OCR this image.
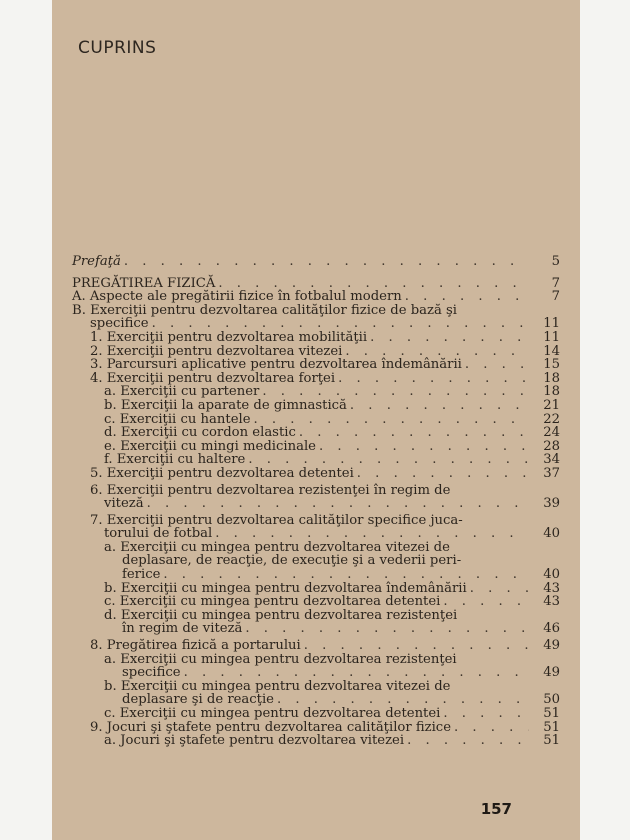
CUPRINS
Prefaţă . . .	5
PREGĂTIREA FIZICĂ . . .	7
A. Aspecte ale pregătirii fizice în fotbalul modern . . .	7
B. Exerciţii pentru dezvoltarea calităţilor fizice de bază şi
specifice . . .	11
1. Exerciţii pentru dezvoltarea mobilităţii . . .	11
2. Exerciţii pentru dezvoltarea vitezei . . .	14
3. Parcursuri aplicative pentru dezvoltarea îndemânării . . .	15
4. Exerciţii pentru dezvoltarea forţei . . .	18
a. Exerciţii cu partener . . .	18
b. Exerciţii la aparate de gimnastică . . .	21
c. Exerciţii cu hantele . . .	22
d. Exerciţii cu cordon elastic . . .	24
e. Exerciţii cu mingi medicinale . . .	28
f. Exerciţii cu haltere . . .	34
5. Exerciţii pentru dezvoltarea detentei . . .	37
6. Exerciţii pentru dezvoltarea rezistenţei în regim de
viteză . . .	39
7. Exerciţii pentru dezvoltarea calităţilor specifice juca-
torului de fotbal . . .	40
a. Exerciţii cu mingea pentru dezvoltarea vitezei de
deplasare, de reacţie, de execuţie şi a vederii peri-
ferice . . .	40
b. Exerciţii cu mingea pentru dezvoltarea îndemânării . . .	43
c. Exerciţii cu mingea pentru dezvoltarea detentei . . .	43
d. Exerciţii cu mingea pentru dezvoltarea rezistenţei
în regim de viteză . . .	46
8. Pregătirea fizică a portarului . . .	49
a. Exerciţii cu mingea pentru dezvoltarea rezistenţei
specifice . . .	49
b. Exerciţii cu mingea pentru dezvoltarea vitezei de
deplasare şi de reacţie . . .	50
c. Exerciţii cu mingea pentru dezvoltarea detentei . . .	51
9. Jocuri şi ştafete pentru dezvoltarea calităţilor fizice . . .	51
a. Jocuri şi ştafete pentru dezvoltarea vitezei . . .	51
157
